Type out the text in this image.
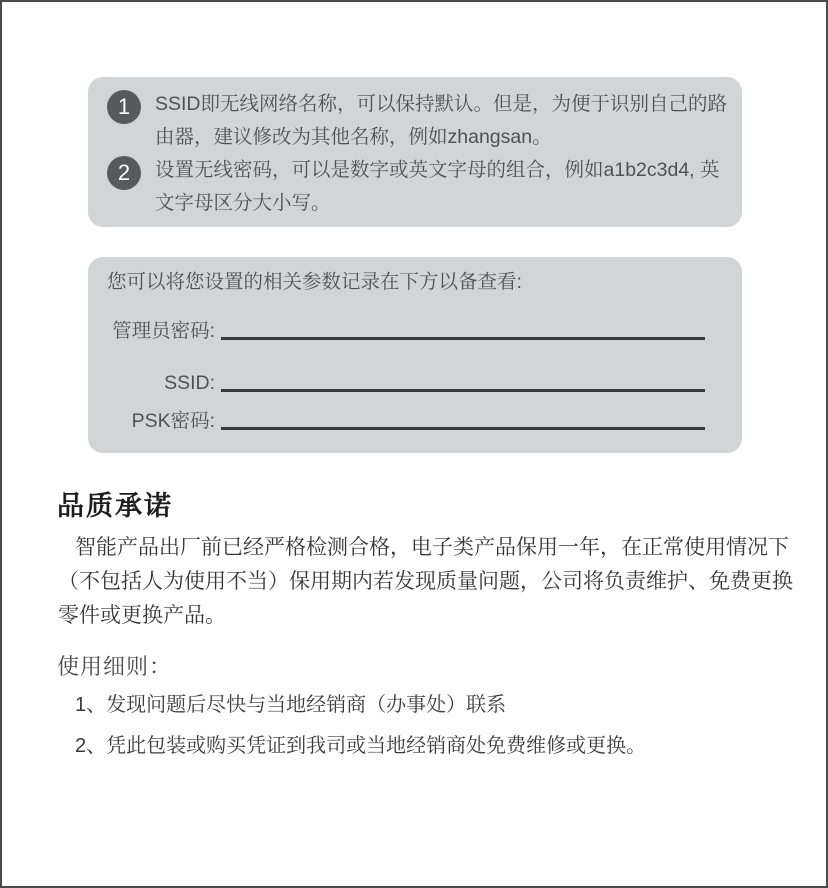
1	SSID即无线网络名称，可以保持默认。但是，为便于识别自己的路由器，建议修改为其他名称，例如zhangsan。
2	设置无线密码，可以是数字或英文字母的组合，例如a1b2c3d4, 英文字母区分大小写。
您可以将您设置的相关参数记录在下方以备查看:
管理员密码:
SSID:
PSK密码:
品质承诺
智能产品出厂前已经严格检测合格，电子类产品保用一年，在正常使用情况下（不包括人为使用不当）保用期内若发现质量问题，公司将负责维护、免费更换零件或更换产品。
使用细则：
1、发现问题后尽快与当地经销商（办事处）联系
2、凭此包装或购买凭证到我司或当地经销商处免费维修或更换。
